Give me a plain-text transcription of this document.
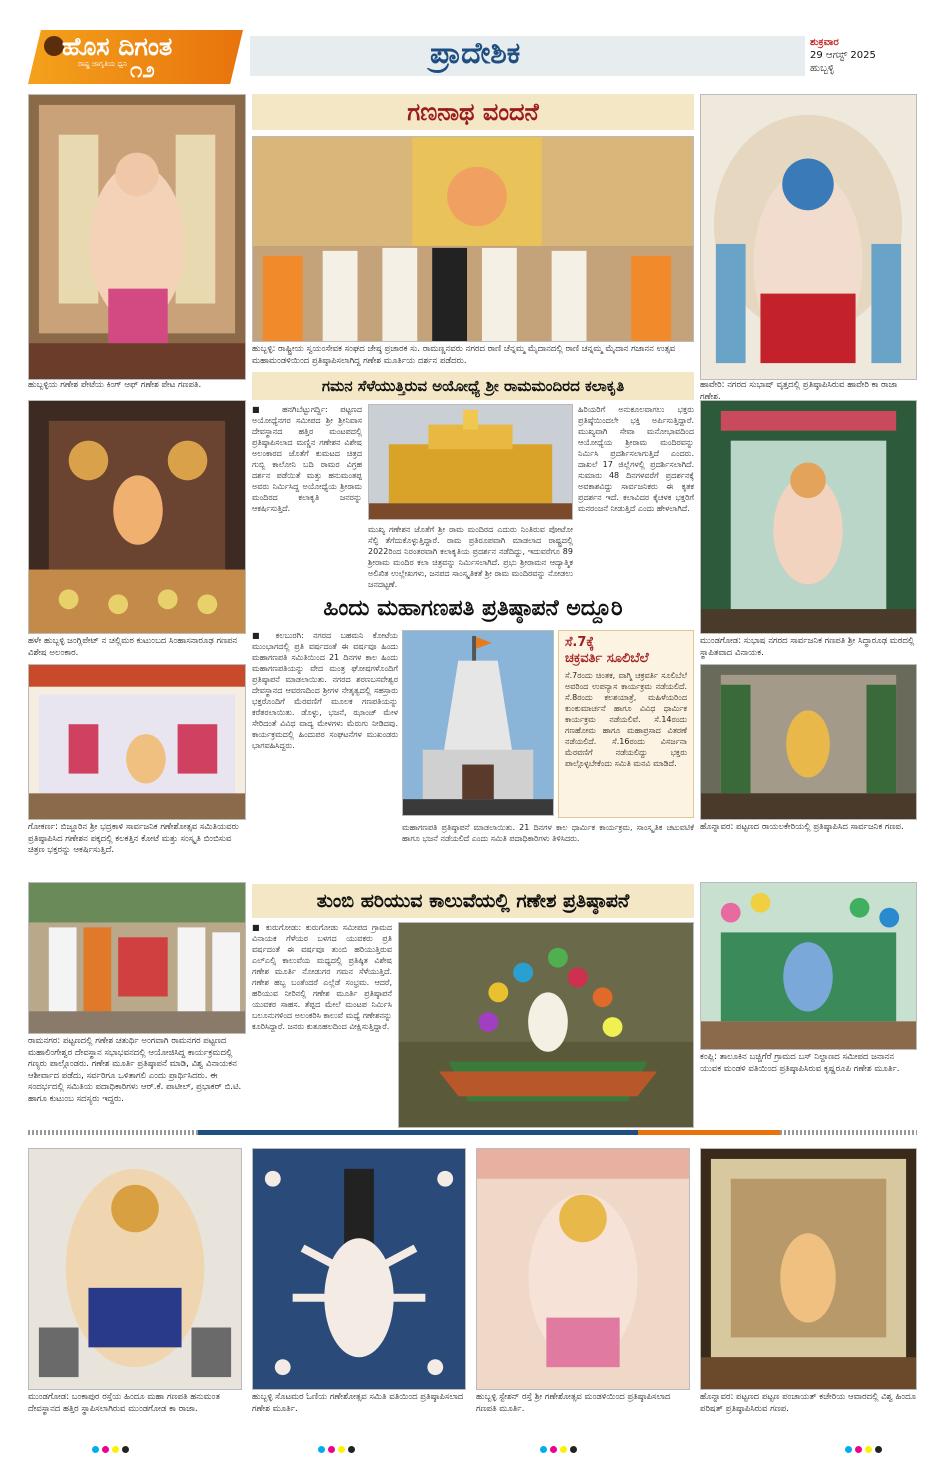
ಹೊಸ ದಿಗಂತ
ರಾಷ್ಟ್ರ ಜಾಗೃತಿಯ ಧ್ವನಿ ೧೨	ಪ್ರಾದೇಶಿಕ	ಶುಕ್ರವಾರ
29 ಆಗಸ್ಟ್ 2025
ಹುಬ್ಬಳ್ಳಿ
ಹುಬ್ಬಳ್ಳಿಯ ಗಣೇಶ ಪೇಟೆಯ ಕಿಂಗ್ ಆಫ್ ಗಣೇಶ ಪೇಟ ಗಣಪತಿ.
ಗಣನಾಥ ವಂದನೆ
ಹುಬ್ಬಳ್ಳಿ: ರಾಷ್ಟ್ರೀಯ ಸ್ವಯಂಸೇವಕ ಸಂಘದ ಜೇಷ್ಠ ಪ್ರಚಾರಕ ಸು. ರಾಮಣ್ಣನವರು ನಗರದ ರಾಣಿ ಚೆನ್ನಮ್ಮ ಮೈದಾನದಲ್ಲಿ ರಾಣಿ ಚನ್ನಮ್ಮ ಮೈದಾನ ಗಜಾನನ ಉತ್ಸವ ಮಹಾಮಂಡಳಿಯಿಂದ ಪ್ರತಿಷ್ಠಾಪಿಸಲಾಗಿದ್ದ ಗಣೇಶ ಮೂರ್ತಿಯ ದರ್ಶನ ಪಡೆದರು.
ಹಾವೇರಿ: ನಗರದ ಸುಭಾಷ್ ವೃತ್ತದಲ್ಲಿ ಪ್ರತಿಷ್ಠಾಪಿಸಿರುವ ಹಾವೇರಿ ಕಾ ರಾಜಾ ಗಣೇಶ.
ಹಳೇ ಹುಬ್ಬಳ್ಳಿ ಜಂಗ್ಲಿಪೇಟ್ ನ ಚಲ್ಲಿಮಠ ಕುಟುಂಬದ ಸಿಂಹಾಸನಾರೂಢ ಗಣಪನ ವಿಶೇಷ ಅಲಂಕಾರ.
ಗಮನ ಸೆಳೆಯುತ್ತಿರುವ ಅಯೋಧ್ಯೆ ಶ್ರೀ ರಾಮಮಂದಿರದ ಕಲಾಕೃತಿ
■ ಹನಗಿಬೆಟ್ಟುಗರ್ದ್ದಿ: ಪಟ್ಟಣದ ಅಯೋಧ್ಯೆನಗರ ಸಮೀಪದ ಶ್ರೀ ಶ್ರೀನಿವಾಸ ದೇವಸ್ಥಾನದ ಹತ್ತಿರ ಮಂಟಪದಲ್ಲಿ ಪ್ರತಿಷ್ಠಾಪಿಸಲಾದ ಮಣ್ಣಿನ ಗಣೇಶನ ವಿಶೇಷ ಅಲಂಕಾರದ ಜೊತೆಗೆ ಕುಮಟದ ಚಿತ್ರದ ಗುಬ್ಬಿ ಕಾಲೋನಿ ಬದಿ ರಾಮರ ವಿಗ್ರಹ ದರ್ಶನ ಪಡೆಯಿತೆ ಮತ್ತು ಹನುಮಂತಪ್ಪ ಅವರು ನಿರ್ಮಿಸಿದ್ದ ಅಯೋಧ್ಯೆಯ ಶ್ರೀರಾಮ ಮಂದಿರದ ಕಲಾಕೃತಿ ಜನರನ್ನು ಆಕರ್ಷಿಸುತ್ತಿದೆ.
ಮುಖ್ಯ ಗಣೇಶನ ಜೊತೆಗೆ ಶ್ರೀ ರಾಮ ಮಂದಿರದ ಎದುರು ನಿಂತಿರುವ ಪೋಟೋ ಸೆಲ್ಫಿ ತೆಗೆದುಕೊಳ್ಳುತ್ತಿದ್ದಾರೆ. ರಾಮ ಪ್ರತಿರೂಪವಾಗಿ ಮಾಡಲಾದ ರಾಷ್ಟ್ರದಲ್ಲಿ 2022ರಿಂದ ನಿರಂತರವಾಗಿ ಕಲಾಕೃತಿಯ ಪ್ರದರ್ಶನ ನಡೆದಿದ್ದು, ಇದುವರೆಗೂ 89 ಶ್ರೀರಾಮ ಮಂದಿರ ಕಲಾ ಚಿತ್ರವನ್ನು ನಿರ್ಮಿಸಲಾಗಿದೆ. ಪ್ರಭು ಶ್ರೀರಾಮನ ಆದ್ಯಾತ್ಮಿಕ ಅಲಿಖಿತ ಉಲ್ಲೇಖಗಳು, ಜನಪದ ಸಾಂಸ್ಕೃತಿಕತೆ ಶ್ರೀ ರಾಮ ಮಂದಿರವನ್ನು ನೋಡಲು ಜನದಟ್ಟಣೆ.
ಹಿರಿಯರಿಗೆ ಅನುಕೂಲವಾಗಲು ಭಕ್ತರು ಪ್ರತಿಷ್ಠೆಯಿಂದಲೇ ಭಕ್ತಿ ಅರ್ಪಿಸುತ್ತಿದ್ದಾರೆ. ಮುಖ್ಯವಾಗಿ ಸೇವಾ ಮನೋಭಾವದಿಂದ ಆಯೋಧ್ಯೆಯ ಶ್ರೀರಾಮ ಮಂದಿರವನ್ನು ನಿರ್ಮಿಸಿ ಪ್ರದರ್ಶಿಸಲಾಗುತ್ತಿದೆ ಎಂದರು. ದಾಖಲೆ 17 ಜಿಲ್ಲೆಗಳಲ್ಲಿ ಪ್ರದರ್ಶಿಸಲಾಗಿದೆ. ಸುಮಾರು 48 ದಿನಗಳವರೆಗೆ ಪ್ರದರ್ಶನಕ್ಕೆ ಅವಕಾಶವಿದ್ದು ಸಾರ್ವಜನಿಕರು ಈ ಕೃತಕ ಪ್ರದರ್ಶನ ಇದೆ. ಕಲಾವಿದರ ಕೈಚಳಕ ಭಕ್ತರಿಗೆ ಮನರಂಜನೆ ನೀಡುತ್ತಿದೆ ಎಂದು ಹೇಳಲಾಗಿದೆ.
ಮುಂಡಗೋಡ: ಸುಭಾಷ ನಗರದ ಸಾರ್ವಜನಿಕ ಗಣಪತಿ ಶ್ರೀ ಸಿದ್ಧಾರೂಢ ಮಠದಲ್ಲಿ ಸ್ಥಾಪಿತವಾದ ವಿನಾಯಕ.
ಹಿಂದು ಮಹಾಗಣಪತಿ ಪ್ರತಿಷ್ಠಾಪನೆ ಅದ್ದೂರಿ
ಗೋಕರ್ಣ: ಬಿಜ್ಜೂರಿನ ಶ್ರೀ ಭದ್ರಕಾಳಿ ಸಾರ್ವಜನಿಕ ಗಣೇಶೋತ್ಸವ ಸಮಿತಿಯವರು ಪ್ರತಿಷ್ಠಾಪಿಸಿದ ಗಣೇಶನ ಪಕ್ಕದಲ್ಲಿ ಕಲಕತ್ತಿನ ಕೋಟೆ ಮತ್ತು ಸಂಸ್ಕೃತಿ ಬಿಂಬಿಸುವ ಚಿತ್ರಣ ಭಕ್ತರನ್ನು ಆಕರ್ಷಿಸುತ್ತಿದೆ.
■ ಕಲಬುರಗಿ: ನಗರದ ಬಹಮನಿ ಕೋಟೆಯ ಮುಂಭಾಗದಲ್ಲಿ ಪ್ರತಿ ವರ್ಷದಂತೆ ಈ ವರ್ಷವೂ ಹಿಂದು ಮಹಾಗಣಪತಿ ಸಮಿತಿಯಿಂದ 21 ದಿನಗಳ ಕಾಲ ಹಿಂದು ಮಹಾಗಣಪತಿಯನ್ನು ವೇದ ಮಂತ್ರ ಘೋಷಗಳೊಂದಿಗೆ ಪ್ರತಿಷ್ಠಾಪನೆ ಮಾಡಲಾಯಿತು. ನಗರದ ಶರಣಬಸವೇಶ್ವರ ದೇವಸ್ಥಾನದ ಆವರಣದಿಂದ ಶ್ರೀಗಳ ನೇತೃತ್ವದಲ್ಲಿ ಸಹಸ್ರಾರು ಭಕ್ತರೊಂದಿಗೆ ಮೆರವಣಿಗೆ ಮೂಲಕ ಗಣಪತಿಯನ್ನು ಕರೆತರಲಾಯಿತು. ಡೊಳ್ಳು, ಭಜನೆ, ಝಾಂಜ್ ಮೇಳ ಸೇರಿದಂತೆ ವಿವಿಧ ವಾದ್ಯ ಮೇಳಗಳು ಮೆರುಗು ನೀಡಿದವು. ಕಾರ್ಯಕ್ರಮದಲ್ಲಿ ಹಿಂದುಪರ ಸಂಘಟನೆಗಳ ಮುಖಂಡರು ಭಾಗವಹಿಸಿದ್ದರು.
ಮಹಾಗಣಪತಿ ಪ್ರತಿಷ್ಠಾಪನೆ ಮಾಡಲಾಯಿತು. 21 ದಿನಗಳ ಕಾಲ ಧಾರ್ಮಿಕ ಕಾರ್ಯಕ್ರಮ, ಸಾಂಸ್ಕೃತಿಕ ಚಟುವಟಿಕೆ ಹಾಗೂ ಭಜನೆ ನಡೆಯಲಿದೆ ಎಂದು ಸಮಿತಿ ಪದಾಧಿಕಾರಿಗಳು ತಿಳಿಸಿದರು.
ಸೆ.7ಕ್ಕೆ
ಚಕ್ರವರ್ತಿ ಸೂಲಿಬೆಲೆ
ಸೆ.7ರಂದು ಚಿಂತಕ, ವಾಗ್ಮಿ ಚಕ್ರವರ್ತಿ ಸೂಲಿಬೆಲೆ ಅವರಿಂದ ಉಪನ್ಯಾಸ ಕಾರ್ಯಕ್ರಮ ನಡೆಯಲಿದೆ. ಸೆ.8ರಂದು ಕಲಶಯಾತ್ರೆ, ಮಹಿಳೆಯರಿಂದ ಕುಂಕುಮಾರ್ಚನೆ ಹಾಗೂ ವಿವಿಧ ಧಾರ್ಮಿಕ ಕಾರ್ಯಕ್ರಮ ನಡೆಯಲಿವೆ. ಸೆ.14ರಂದು ಗಣಹೋಮ ಹಾಗೂ ಮಹಾಪ್ರಸಾದ ವಿತರಣೆ ನಡೆಯಲಿದೆ. ಸೆ.16ರಂದು ವಿಸರ್ಜನಾ ಮೆರವಣಿಗೆ ನಡೆಯಲಿದ್ದು ಭಕ್ತರು ಪಾಲ್ಗೊಳ್ಳಬೇಕೆಂದು ಸಮಿತಿ ಮನವಿ ಮಾಡಿದೆ.
ಹೊನ್ನಾವರ: ಪಟ್ಟಣದ ರಾಯಲಕೇರಿಯಲ್ಲಿ ಪ್ರತಿಷ್ಠಾಪಿಸಿದ ಸಾರ್ವಜನಿಕ ಗಣಪ.
ರಾಮನಗರ: ಪಟ್ಟಣದಲ್ಲಿ ಗಣೇಶ ಚತುರ್ಥಿ ಅಂಗವಾಗಿ ರಾಮನಗರ ಪಟ್ಟಣದ ಮಹಾಲಿಂಗೇಶ್ವರ ದೇವಸ್ಥಾನ ಸಭಾಭವನದಲ್ಲಿ ಆಯೋಜಿಸಿದ್ದ ಕಾರ್ಯಕ್ರಮದಲ್ಲಿ ಗಣ್ಯರು ಪಾಲ್ಗೊಂಡರು. ಗಣೇಶ ಮೂರ್ತಿ ಪ್ರತಿಷ್ಠಾಪನೆ ಮಾಡಿ, ವಿಶ್ವ ವಿನಾಯಕನ ಆಶೀರ್ವಾದ ಪಡೆದು, ಸರ್ವರಿಗೂ ಒಳಿತಾಗಲಿ ಎಂದು ಪ್ರಾರ್ಥಿಸಿದರು. ಈ ಸಂದರ್ಭದಲ್ಲಿ ಸಮಿತಿಯ ಪದಾಧಿಕಾರಿಗಳು ಆರ್.ಕೆ. ಪಾಟೀಲ್, ಪ್ರಭಾಕರ್ ಬಿ.ಟಿ. ಹಾಗೂ ಕುಟುಂಬ ಸದಸ್ಯರು ಇದ್ದರು.
ತುಂಬಿ ಹರಿಯುವ ಕಾಲುವೆಯಲ್ಲಿ ಗಣೇಶ ಪ್ರತಿಷ್ಠಾಪನೆ
■ ಕುರುಗೋಡು: ಕುರುಗೋಡು ಸಮೀಪದ ಗ್ರಾಮದ ವಿನಾಯಕ ಗೆಳೆಯರ ಬಳಗದ ಯುವಕರು ಪ್ರತಿ ವರ್ಷದಂತೆ ಈ ವರ್ಷವೂ ತುಂಬಿ ಹರಿಯುತ್ತಿರುವ ಎಲ್ಎಲ್ಸಿ ಕಾಲುವೆಯ ಮಧ್ಯದಲ್ಲಿ ಪ್ರತಿಷ್ಠಿತ ವಿಶೇಷ ಗಣೇಶ ಮೂರ್ತಿ ನೋಡುಗರ ಗಮನ ಸೆಳೆಯುತ್ತಿದೆ. ಗಣೇಶ ಹಬ್ಬ ಬಂತೆಂದರೆ ಎಲ್ಲೆಡೆ ಸಂಭ್ರಮ. ಆದರೆ, ಹರಿಯುವ ನೀರಿನಲ್ಲಿ ಗಣೇಶ ಮೂರ್ತಿ ಪ್ರತಿಷ್ಠಾಪನೆ ಯುವಕರ ಸಾಹಸ. ತೆಪ್ಪದ ಮೇಲೆ ಮಂಟಪ ನಿರ್ಮಿಸಿ ಬಲೂನುಗಳಿಂದ ಅಲಂಕರಿಸಿ ಕಾಲುವೆ ಮಧ್ಯೆ ಗಣೇಶನನ್ನು ಕೂರಿಸಿದ್ದಾರೆ. ಜನರು ಕುತೂಹಲದಿಂದ ವೀಕ್ಷಿಸುತ್ತಿದ್ದಾರೆ.
ಕಂಪ್ಲಿ: ತಾಲೂಕಿನ ಬಚ್ಚಿಗೆರೆ ಗ್ರಾಮದ ಬಸ್ ನಿಲ್ದಾಣದ ಸಮೀಪದ ಜನಾನನ ಯುವಕ ಮಂಡಳಿ ವತಿಯಿಂದ ಪ್ರತಿಷ್ಠಾಪಿಸಿರುವ ಕೃಷ್ಣರೂಪಿ ಗಣೇಶ ಮೂರ್ತಿ.
ಮುಂಡಗೋಡ: ಬಂಕಾಪುರ ರಸ್ತೆಯ ಹಿಂದೂ ಮಹಾ ಗಣಪತಿ ಹನುಮಂತ ದೇವಸ್ಥಾನದ ಹತ್ತಿರ ಸ್ಥಾಪಿಸಲಾಗಿರುವ ಮುಂಡಗೋಡ ಕಾ ರಾಜಾ.
ಹುಬ್ಬಳ್ಳಿ ಸೊಟಮರ ಓಣಿಯ ಗಣೇಶೋತ್ಸವ ಸಮಿತಿ ವತಿಯಿಂದ ಪ್ರತಿಷ್ಠಾಪಿಸಲಾದ ಗಣೇಶ ಮೂರ್ತಿ.
ಹುಬ್ಬಳ್ಳಿ ಸ್ಟೇಶನ್ ರಸ್ತೆ ಶ್ರೀ ಗಣೇಶೋತ್ಸವ ಮಂಡಳಿಯಿಂದ ಪ್ರತಿಷ್ಠಾಪಿಸಲಾದ ಗಣಪತಿ ಮೂರ್ತಿ.
ಹೊನ್ನಾವರ: ಪಟ್ಟಣದ ಪಟ್ಟಣ ಪಂಚಾಯತ್ ಕಚೇರಿಯ ಆವಾರದಲ್ಲಿ ವಿಶ್ವ ಹಿಂದೂ ಪರಿಷತ್ ಪ್ರತಿಷ್ಠಾಪಿಸಿರುವ ಗಣಪ.
